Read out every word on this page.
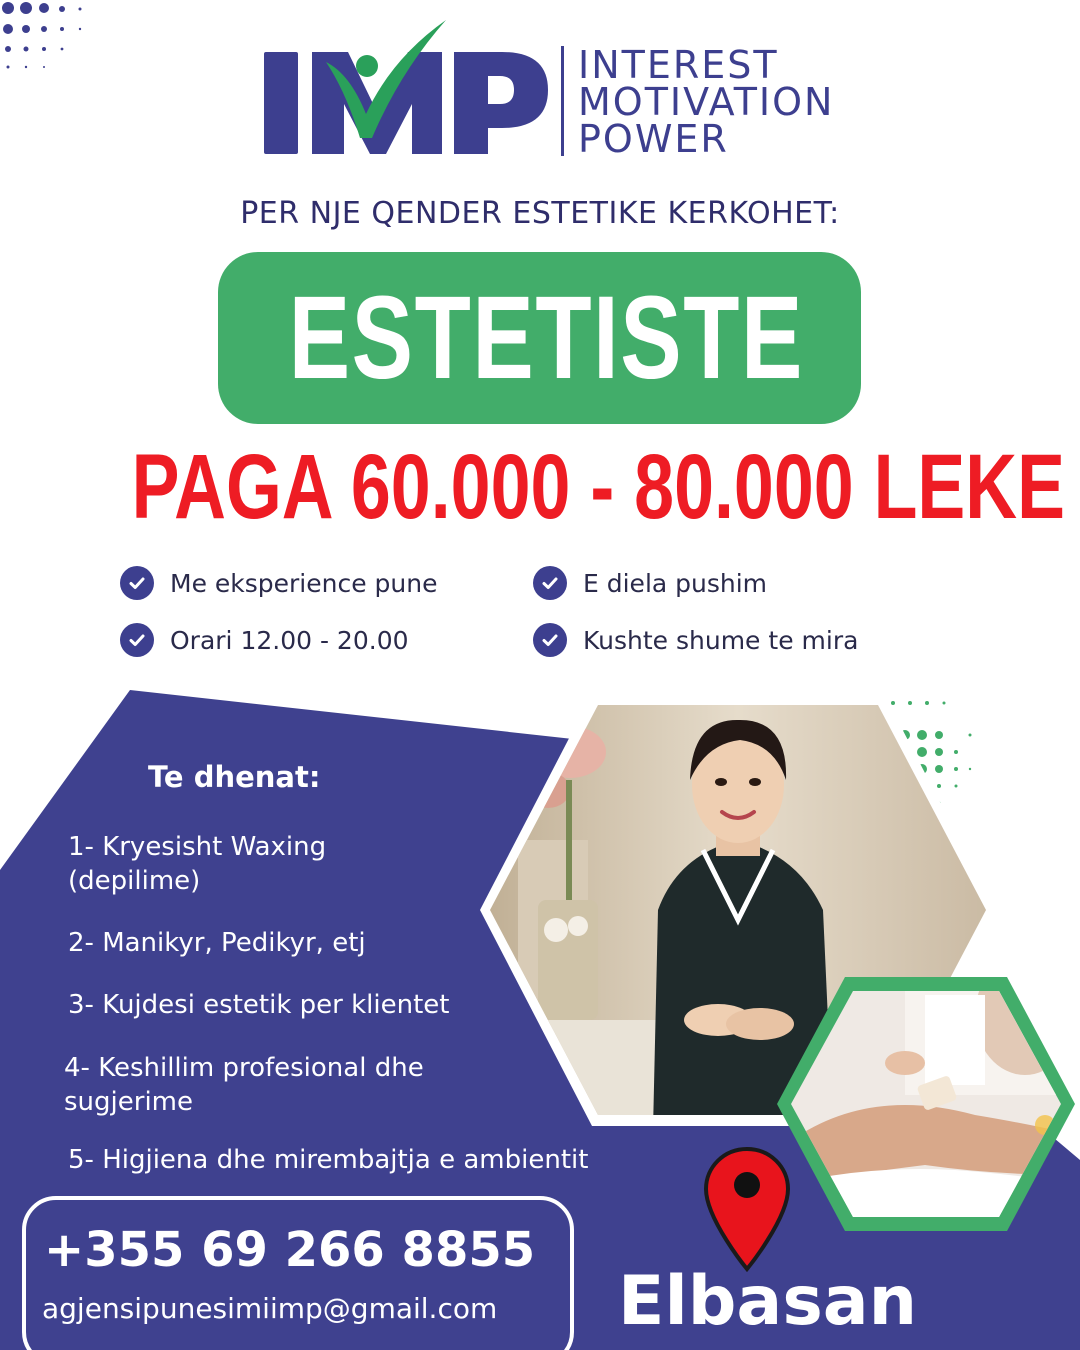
INTEREST
MOTIVATION
POWER
PER NJE QENDER ESTETIKE KERKOHET:
ESTETISTE
PAGA 60.000 - 80.000 LEKE
Me eksperience pune	E diela pushim
Orari 12.00 - 20.00	Kushte shume te mira
Te dhenat:
1- Kryesisht Waxing
(depilime)
2- Manikyr, Pedikyr, etj
3- Kujdesi estetik per klientet
4- Keshillim profesional dhe
sugjerime
5- Higjiena dhe mirembajtja e ambientit
+355 69 266 8855
agjensipunesimiimp@gmail.com Elbasan
